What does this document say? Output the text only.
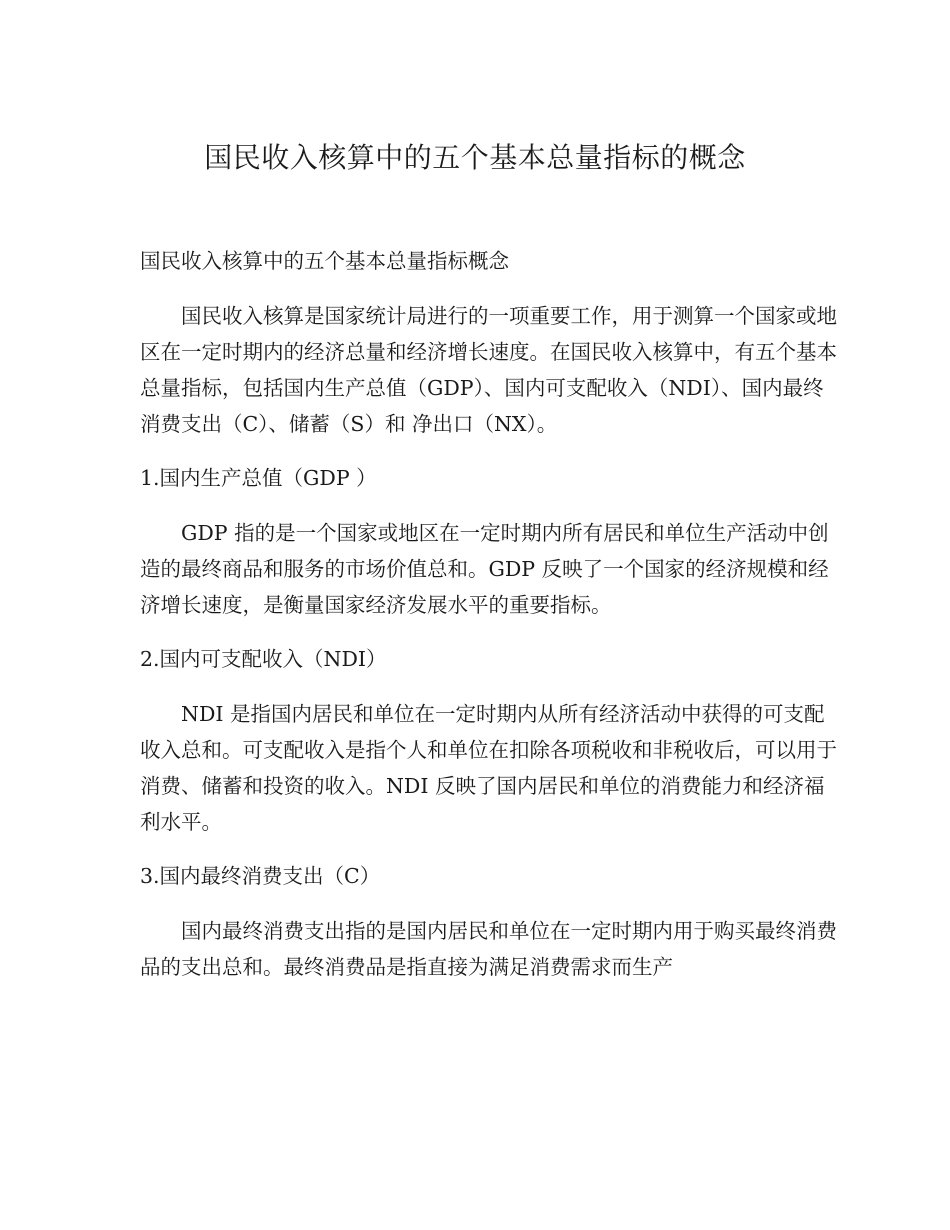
国民收入核算中的五个基本总量指标的概念

国民收入核算中的五个基本总量指标概念

国民收入核算是国家统计局进行的一项重要工作，用于测算一个国家或地区在一定时期内的经济总量和经济增长速度。在国民收入核算中，有五个基本总量指标，包括国内生产总值（GDP）、国内可支配收入（NDI）、国内最终消费支出（C）、储蓄（S）和 净出口（NX）。

1.国内生产总值（GDP ）

GDP 指的是一个国家或地区在一定时期内所有居民和单位生产活动中创造的最终商品和服务的市场价值总和。GDP 反映了一个国家的经济规模和经济增长速度，是衡量国家经济发展水平的重要指标。

2.国内可支配收入（NDI）

NDI 是指国内居民和单位在一定时期内从所有经济活动中获得的可支配收入总和。可支配收入是指个人和单位在扣除各项税收和非税收后，可以用于消费、储蓄和投资的收入。NDI 反映了国内居民和单位的消费能力和经济福利水平。

3.国内最终消费支出（C）

国内最终消费支出指的是国内居民和单位在一定时期内用于购买最终消费品的支出总和。最终消费品是指直接为满足消费需求而生产
